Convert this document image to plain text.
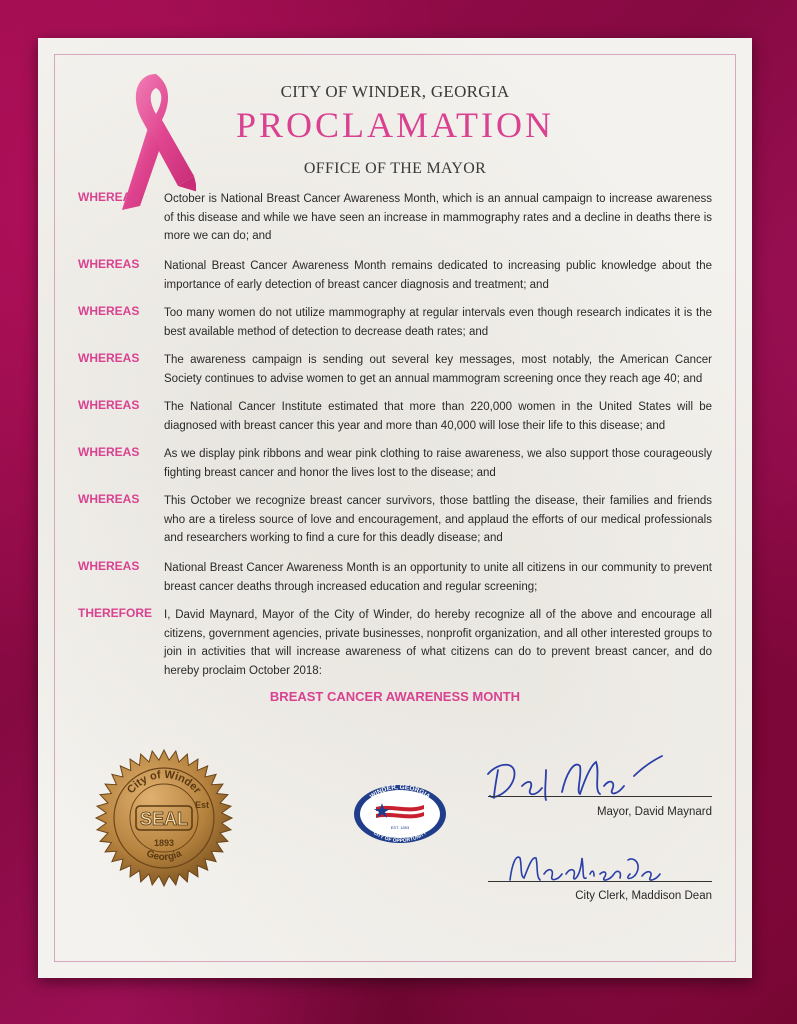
CITY OF WINDER, GEORGIA
PROCLAMATION
OFFICE OF THE MAYOR
WHEREAS	October is National Breast Cancer Awareness Month, which is an annual campaign to increase awareness of this disease and while we have seen an increase in mammography rates and a decline in deaths there is more we can do; and
WHEREAS	National Breast Cancer Awareness Month remains dedicated to increasing public knowledge about the importance of early detection of breast cancer diagnosis and treatment; and
WHEREAS	Too many women do not utilize mammography at regular intervals even though research indicates it is the best available method of detection to decrease death rates; and
WHEREAS	The awareness campaign is sending out several key messages, most notably, the American Cancer Society continues to advise women to get an annual mammogram screening once they reach age 40; and
WHEREAS	The National Cancer Institute estimated that more than 220,000 women in the United States will be diagnosed with breast cancer this year and more than 40,000 will lose their life to this disease; and
WHEREAS	As we display pink ribbons and wear pink clothing to raise awareness, we also support those courageously fighting breast cancer and honor the lives lost to the disease; and
WHEREAS	This October we recognize breast cancer survivors, those battling the disease, their families and friends who are a tireless source of love and encouragement, and applaud the efforts of our medical professionals and researchers working to find a cure for this deadly disease; and
WHEREAS	National Breast Cancer Awareness Month is an opportunity to unite all citizens in our community to prevent breast cancer deaths through increased education and regular screening;
THEREFORE I, David Maynard, Mayor of the City of Winder, do hereby recognize all of the above and encourage all citizens, government agencies, private businesses, nonprofit organization, and all other interested groups to join in activities that will increase awareness of what citizens can do to prevent breast cancer, and do hereby proclaim October 2018:
BREAST CANCER AWARENESS MONTH
City of Winder
Est
SEAL
1893
Georgia
WINDER, GEORGIA
EST. 1893
CITY OF OPPORTUNITY
Mayor, David Maynard
City Clerk, Maddison Dean
